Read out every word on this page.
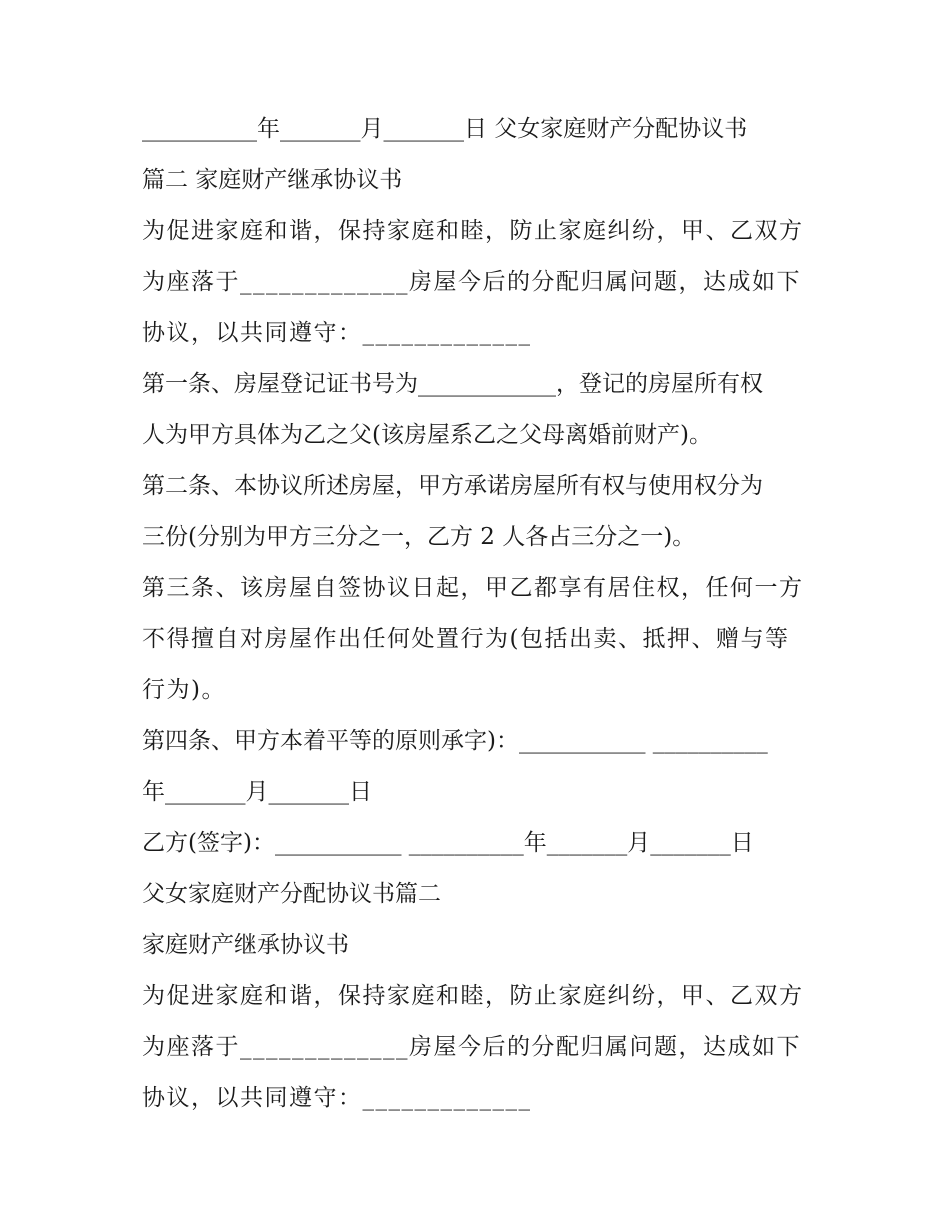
__________年_______月_______日 父女家庭财产分配协议书
篇二 家庭财产继承协议书
为促进家庭和谐，保持家庭和睦，防止家庭纠纷，甲、乙双方
为座落于_____________房屋今后的分配归属问题，达成如下
协议，以共同遵守：_____________
第一条、房屋登记证书号为____________，登记的房屋所有权
人为甲方具体为乙之父(该房屋系乙之父母离婚前财产)。
第二条、本协议所述房屋，甲方承诺房屋所有权与使用权分为
三份(分别为甲方三分之一，乙方 2 人各占三分之一)。
第三条、该房屋自签协议日起，甲乙都享有居住权，任何一方
不得擅自对房屋作出任何处置行为(包括出卖、抵押、赠与等
行为)。
第四条、甲方本着平等的原则承字)：___________ __________
年_______月_______日
乙方(签字)：___________ __________年_______月_______日
父女家庭财产分配协议书篇二
家庭财产继承协议书
为促进家庭和谐，保持家庭和睦，防止家庭纠纷，甲、乙双方
为座落于_____________房屋今后的分配归属问题，达成如下
协议，以共同遵守：_____________
